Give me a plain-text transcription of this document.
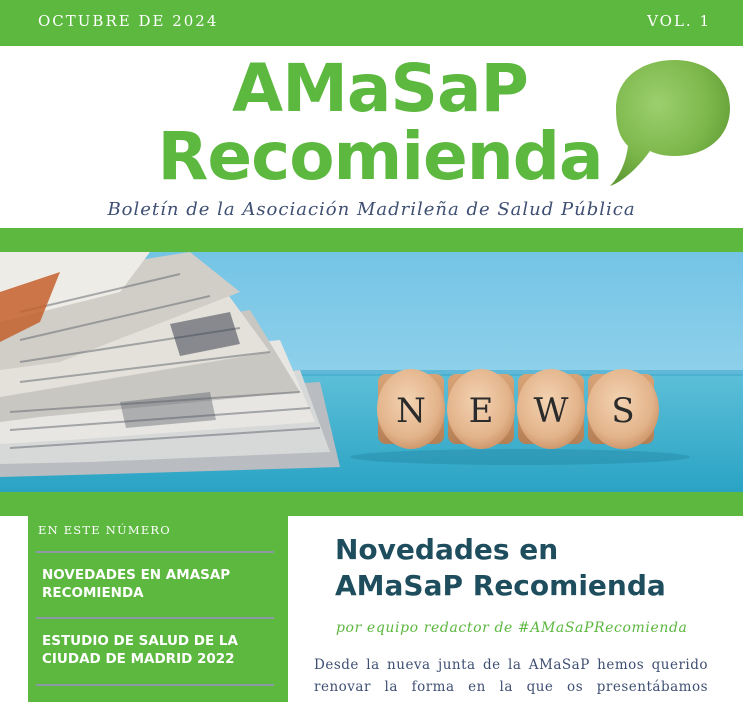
OCTUBRE DE 2024	VOL. 1
AMaSaP
Recomienda
Boletín de la Asociación Madrileña de Salud Pública
N E W S
EN ESTE NÚMERO
NOVEDADES EN AMASAP
RECOMIENDA
ESTUDIO DE SALUD DE LA
CIUDAD DE MADRID 2022
Novedades en
AMaSaP Recomienda
por equipo redactor de #AMaSaPRecomienda
Desde la nueva junta de la AMaSaP hemos querido
renovar la forma en la que os presentábamos
